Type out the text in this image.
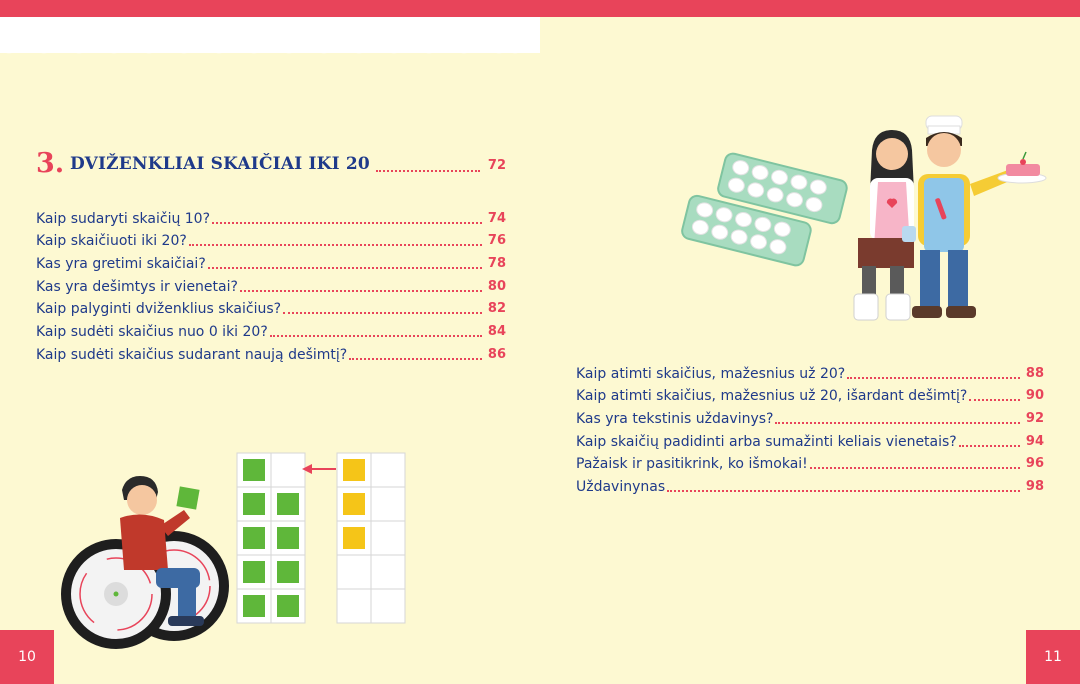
3. DVIŽENKLIAI SKAIČIAI IKI 20	72
Kaip sudaryti skaičių 10?	74
Kaip skaičiuoti iki 20?	76
Kas yra gretimi skaičiai?	78
Kas yra dešimtys ir vienetai?	80
Kaip palyginti dviženklius skaičius?	82
Kaip sudėti skaičius nuo 0 iki 20?	84
Kaip sudėti skaičius sudarant naują dešimtį?	86
Kaip atimti skaičius, mažesnius už 20?	88
Kaip atimti skaičius, mažesnius už 20, išardant dešimtį?	90
Kas yra tekstinis uždavinys?	92
Kaip skaičių padidinti arba sumažinti keliais vienetais?	94
Pažaisk ir pasitikrink, ko išmokai!	96
Uždavinynas	98
10	11
